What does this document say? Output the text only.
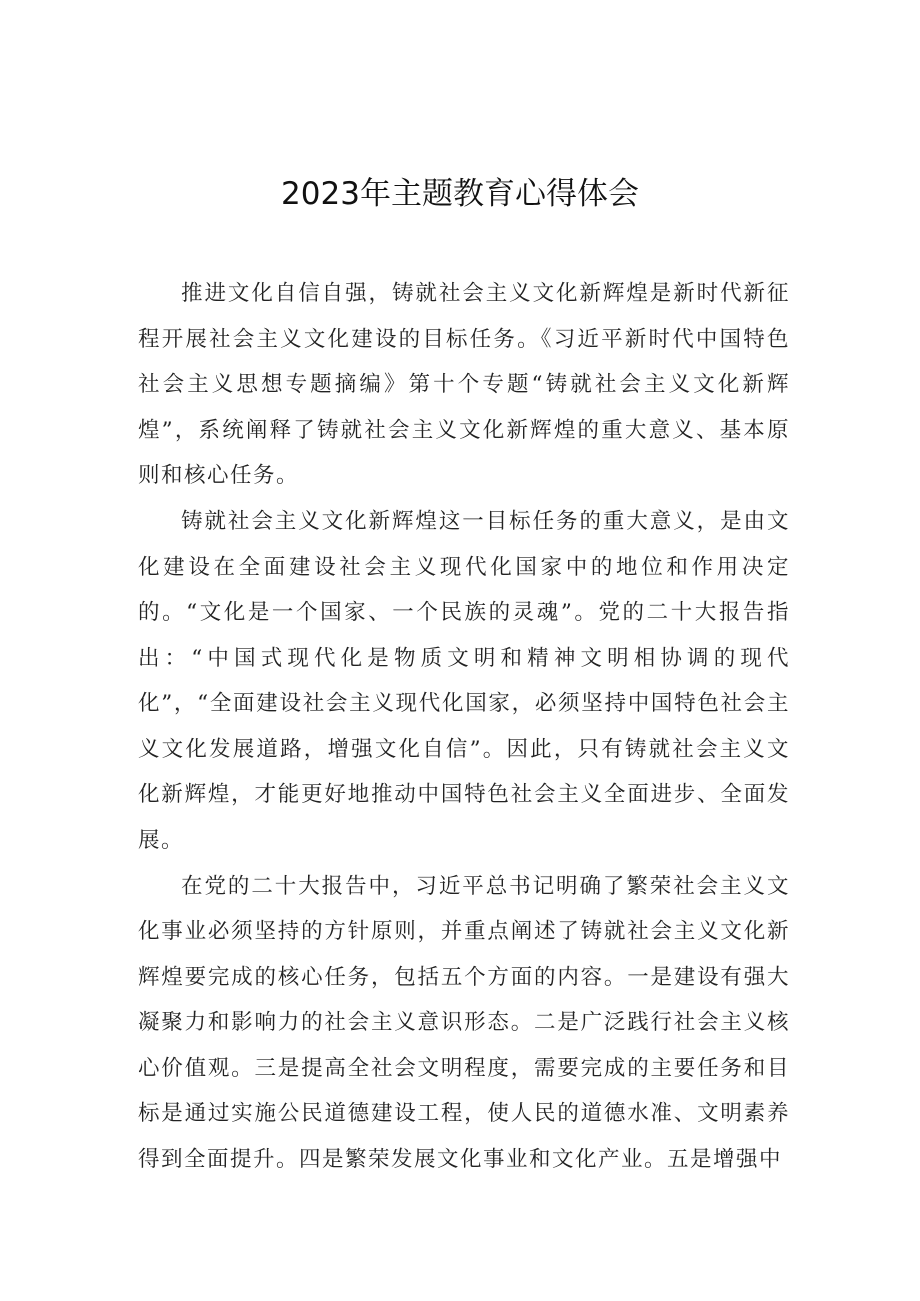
2023年主题教育心得体会

推进文化自信自强，铸就社会主义文化新辉煌是新时代新征程开展社会主义文化建设的目标任务。《习近平新时代中国特色社会主义思想专题摘编》第十个专题“铸就社会主义文化新辉煌”，系统阐释了铸就社会主义文化新辉煌的重大意义、基本原则和核心任务。

铸就社会主义文化新辉煌这一目标任务的重大意义，是由文化建设在全面建设社会主义现代化国家中的地位和作用决定的。“文化是一个国家、一个民族的灵魂”。党的二十大报告指出：“中国式现代化是物质文明和精神文明相协调的现代化”，“全面建设社会主义现代化国家，必须坚持中国特色社会主义文化发展道路，增强文化自信”。因此，只有铸就社会主义文化新辉煌，才能更好地推动中国特色社会主义全面进步、全面发展。

在党的二十大报告中，习近平总书记明确了繁荣社会主义文化事业必须坚持的方针原则，并重点阐述了铸就社会主义文化新辉煌要完成的核心任务，包括五个方面的内容。一是建设有强大凝聚力和影响力的社会主义意识形态。二是广泛践行社会主义核心价值观。三是提高全社会文明程度，需要完成的主要任务和目标是通过实施公民道德建设工程，使人民的道德水准、文明素养得到全面提升。四是繁荣发展文化事业和文化产业。五是增强中
